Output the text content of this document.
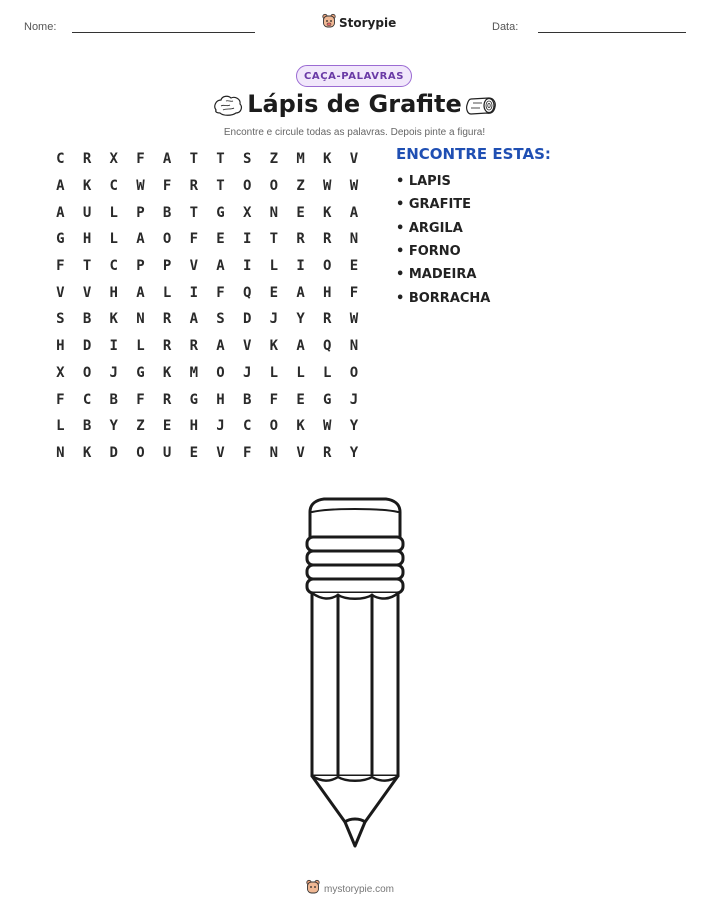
Nome:	Storypie	Data:
CAÇA-PALAVRAS
Lápis de Grafite
Encontre e circule todas as palavras. Depois pinte a figura!
C	R	X	F	A	T	T	S	Z	M	K	V
A	K	C	W	F	R	T	O	O	Z	W	W
A	U	L	P	B	T	G	X	N	E	K	A
G	H	L	A	O	F	E	I	T	R	R	N
F	T	C	P	P	V	A	I	L	I	O	E
V	V	H	A	L	I	F	Q	E	A	H	F
S	B	K	N	R	A	S	D	J	Y	R	W
H	D	I	L	R	R	A	V	K	A	Q	N
X	O	J	G	K	M	O	J	L	L	L	O
F	C	B	F	R	G	H	B	F	E	G	J
L	B	Y	Z	E	H	J	C	O	K	W	Y
N	K	D	O	U	E	V	F	N	V	R	Y
ENCONTRE ESTAS:
• LAPIS
• GRAFITE
• ARGILA
• FORNO
• MADEIRA
• BORRACHA
mystorypie.com
